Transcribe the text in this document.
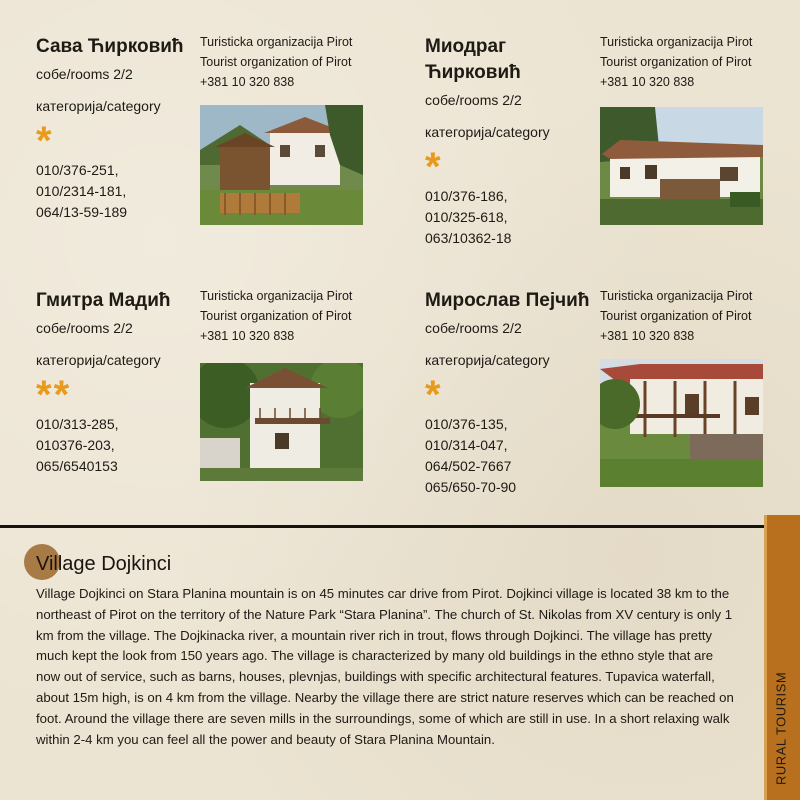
Сава Ћирковић
собе/rooms 2/2
категорија/category
*
010/376-251,
010/2314-181,
064/13-59-189
Turisticka organizacija Pirot
Tourist organization of Pirot
+381 10 320 838
Миодраг
Ћирковић
собе/rooms 2/2
категорија/category
*
010/376-186,
010/325-618,
063/10362-18
Turisticka organizacija Pirot
Tourist organization of Pirot
+381 10 320 838
Гмитра Мадић
собе/rooms 2/2
категорија/category
**
010/313-285,
010376-203,
065/6540153
Turisticka organizacija Pirot
Tourist organization of Pirot
+381 10 320 838
Мирослав Пејчић
собе/rooms 2/2
категорија/category
*
010/376-135,
010/314-047,
064/502-7667
065/650-70-90
Turisticka organizacija Pirot
Tourist organization of Pirot
+381 10 320 838
RURAL TOURISM
Village Dojkinci

Village Dojkinci on Stara Planina mountain is on 45 minutes car drive from Pirot. Dojkinci village is located 38 km to the northeast of Pirot on the territory of the Nature Park “Stara Planina”. The church of St. Nikolas from XV century is only 1 km from the village. The Dojkinacka river, a mountain river rich in trout, flows through Dojkinci. The village has pretty much kept the look from 150 years ago. The village is characterized by many old buildings in the ethno style that are now out of service, such as barns, houses, plevnjas, buildings with specific architectural features. Tupavica waterfall, about 15m high, is on 4 km from the village. Nearby the village there are strict nature reserves which can be reached on foot. Around the village there are seven mills in the surroundings, some of which are still in use. In a short relaxing walk within 2-4 km you can feel all the power and beauty of Stara Planina Mountain.
